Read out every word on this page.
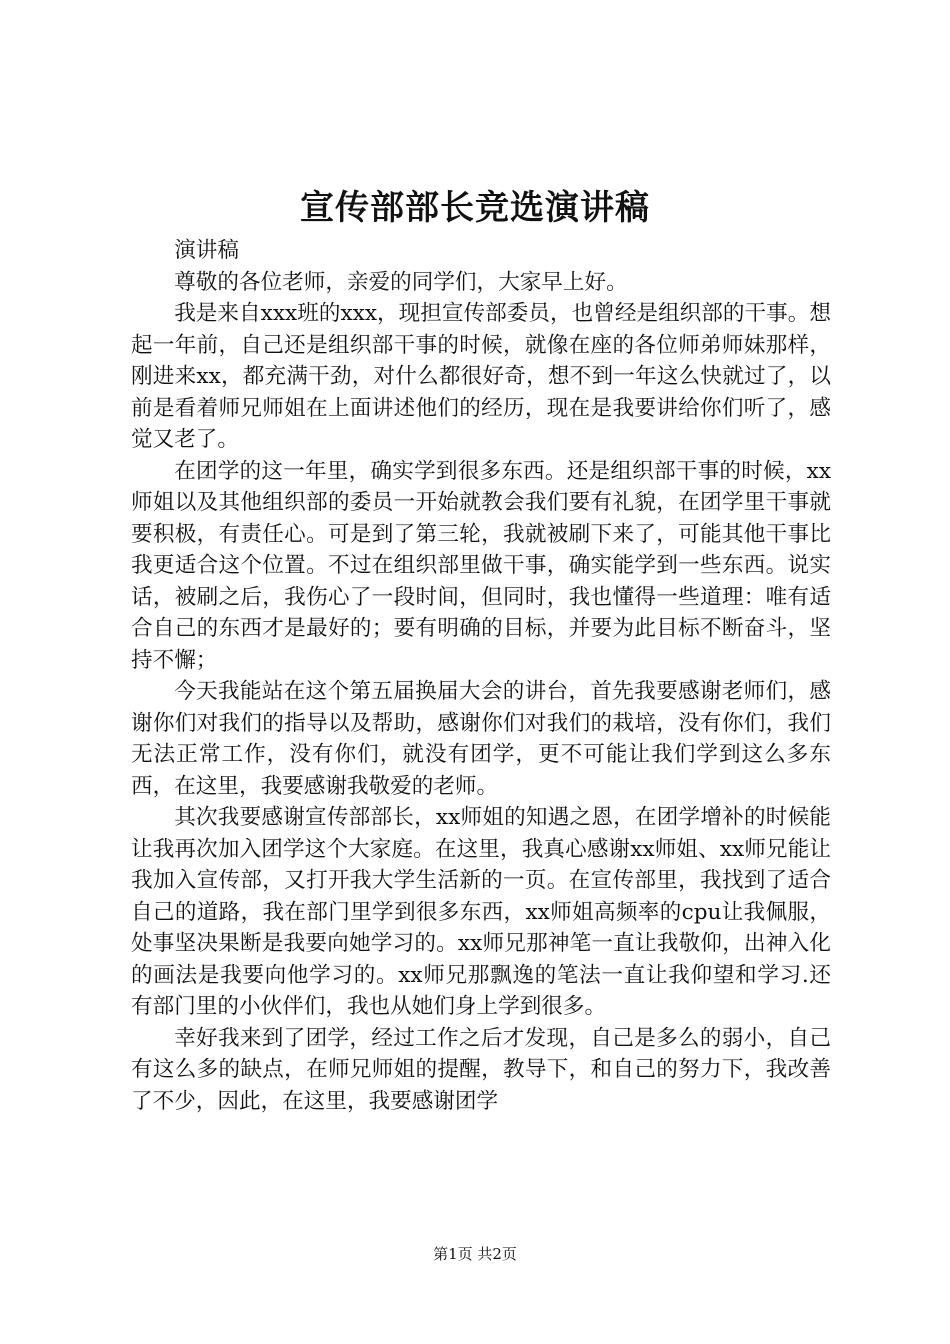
宣传部部长竞选演讲稿

演讲稿

尊敬的各位老师，亲爱的同学们，大家早上好。

我是来自xxx班的xxx，现担宣传部委员，也曾经是组织部的干事。想起一年前，自己还是组织部干事的时候，就像在座的各位师弟师妹那样，刚进来xx，都充满干劲，对什么都很好奇，想不到一年这么快就过了，以前是看着师兄师姐在上面讲述他们的经历，现在是我要讲给你们听了，感觉又老了。

在团学的这一年里，确实学到很多东西。还是组织部干事的时候，xx师姐以及其他组织部的委员一开始就教会我们要有礼貌，在团学里干事就要积极，有责任心。可是到了第三轮，我就被刷下来了，可能其他干事比我更适合这个位置。不过在组织部里做干事，确实能学到一些东西。说实话，被刷之后，我伤心了一段时间，但同时，我也懂得一些道理：唯有适合自己的东西才是最好的；要有明确的目标，并要为此目标不断奋斗，坚持不懈；

今天我能站在这个第五届换届大会的讲台，首先我要感谢老师们，感谢你们对我们的指导以及帮助，感谢你们对我们的栽培，没有你们，我们无法正常工作，没有你们，就没有团学，更不可能让我们学到这么多东西，在这里，我要感谢我敬爱的老师。

其次我要感谢宣传部部长，xx师姐的知遇之恩，在团学增补的时候能让我再次加入团学这个大家庭。在这里，我真心感谢xx师姐、xx师兄能让我加入宣传部，又打开我大学生活新的一页。在宣传部里，我找到了适合自己的道路，我在部门里学到很多东西，xx师姐高频率的cpu让我佩服，处事坚决果断是我要向她学习的。xx师兄那神笔一直让我敬仰，出神入化的画法是我要向他学习的。xx师兄那飘逸的笔法一直让我仰望和学习.还有部门里的小伙伴们，我也从她们身上学到很多。

幸好我来到了团学，经过工作之后才发现，自己是多么的弱小，自己有这么多的缺点，在师兄师姐的提醒，教导下，和自己的努力下，我改善了不少，因此，在这里，我要感谢团学

第1页 共2页
